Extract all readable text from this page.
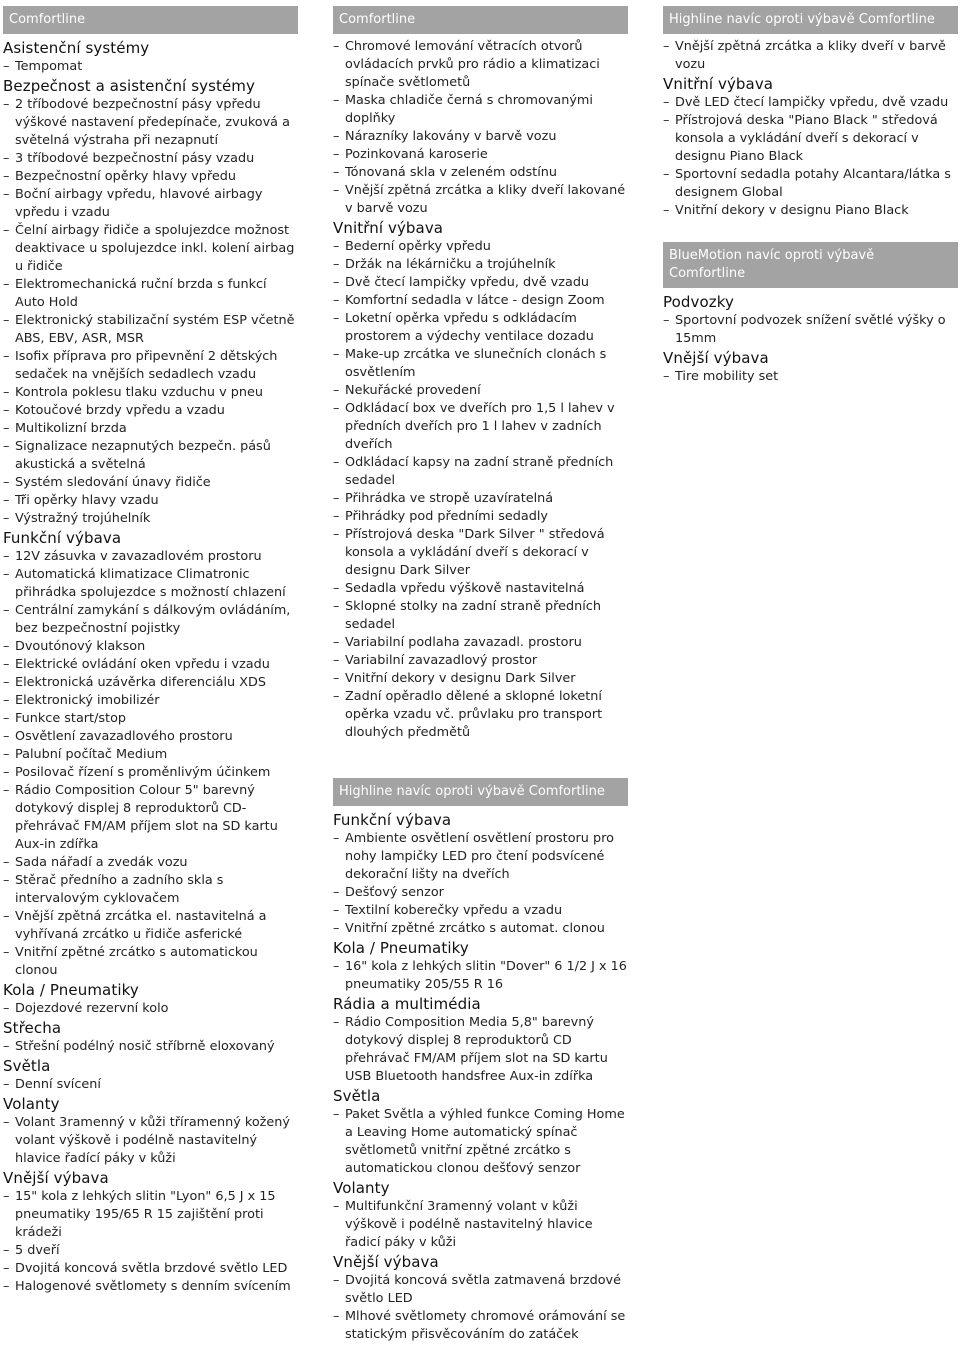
Comfortline
Asistenční systémy
– Tempomat
Bezpečnost a asistenční systémy
– 2 tříbodové bezpečnostní pásy vpředu výškové nastavení předepínače, zvuková a světelná výstraha při nezapnutí
– 3 tříbodové bezpečnostní pásy vzadu
– Bezpečnostní opěrky hlavy vpředu
– Boční airbagy vpředu, hlavové airbagy vpředu i vzadu
– Čelní airbagy řidiče a spolujezdce možnost deaktivace u spolujezdce inkl. kolení airbag u řidiče
– Elektromechanická ruční brzda s funkcí Auto Hold
– Elektronický stabilizační systém ESP včetně ABS, EBV, ASR, MSR
– Isofix příprava pro připevnění 2 dětských sedaček na vnějších sedadlech vzadu
– Kontrola poklesu tlaku vzduchu v pneu
– Kotoučové brzdy vpředu a vzadu
– Multikolizní brzda
– Signalizace nezapnutých bezpečn. pásů akustická a světelná
– Systém sledování únavy řidiče
– Tři opěrky hlavy vzadu
– Výstražný trojúhelník
Funkční výbava
– 12V zásuvka v zavazadlovém prostoru
– Automatická klimatizace Climatronic přihrádka spolujezdce s možností chlazení
– Centrální zamykání s dálkovým ovládáním, bez bezpečnostní pojistky
– Dvoutónový klakson
– Elektrické ovládání oken vpředu i vzadu
– Elektronická uzávěrka diferenciálu XDS
– Elektronický imobilizér
– Funkce start/stop
– Osvětlení zavazadlového prostoru
– Palubní počítač Medium
– Posilovač řízení s proměnlivým účinkem
– Rádio Composition Colour 5" barevný dotykový displej 8 reproduktorů CD-přehrávač FM/AM příjem slot na SD kartu Aux-in zdířka
– Sada nářadí a zvedák vozu
– Stěrač předního a zadního skla s intervalovým cyklovačem
– Vnější zpětná zrcátka el. nastavitelná a vyhřívaná zrcátko u řidiče asferické
– Vnitřní zpětné zrcátko s automatickou clonou
Kola / Pneumatiky
– Dojezdové rezervní kolo
Střecha
– Střešní podélný nosič stříbrně eloxovaný
Světla
– Denní svícení
Volanty
– Volant 3ramenný v kůži tříramenný kožený volant výškově i podélně nastavitelný hlavice řadící páky v kůži
Vnější výbava
– 15" kola z lehkých slitin "Lyon" 6,5 J x 15 pneumatiky 195/65 R 15 zajištění proti krádeži
– 5 dveří
– Dvojitá koncová světla brzdové světlo LED
– Halogenové světlomety s denním svícením
Comfortline
– Chromové lemování větracích otvorů ovládacích prvků pro rádio a klimatizaci spínače světlometů
– Maska chladiče černá s chromovanými doplňky
– Nárazníky lakovány v barvě vozu
– Pozinkovaná karoserie
– Tónovaná skla v zeleném odstínu
– Vnější zpětná zrcátka a kliky dveří lakované v barvě vozu
Vnitřní výbava
– Bederní opěrky vpředu
– Držák na lékárničku a trojúhelník
– Dvě čtecí lampičky vpředu, dvě vzadu
– Komfortní sedadla v látce - design Zoom
– Loketní opěrka vpředu s odkládacím prostorem a výdechy ventilace dozadu
– Make-up zrcátka ve slunečních clonách s osvětlením
– Nekuřácké provedení
– Odkládací box ve dveřích pro 1,5 l lahev v předních dveřích pro 1 l lahev v zadních dveřích
– Odkládací kapsy na zadní straně předních sedadel
– Přihrádka ve stropě uzavíratelná
– Přihrádky pod předními sedadly
– Přístrojová deska "Dark Silver " středová konsola a vykládání dveří s dekorací v designu Dark Silver
– Sedadla vpředu výškově nastavitelná
– Sklopné stolky na zadní straně předních sedadel
– Variabilní podlaha zavazadl. prostoru
– Variabilní zavazadlový prostor
– Vnitřní dekory v designu Dark Silver
– Zadní opěradlo dělené a sklopné loketní opěrka vzadu vč. průvlaku pro transport dlouhých předmětů
Highline navíc oproti výbavě Comfortline
Funkční výbava
– Ambiente osvětlení osvětlení prostoru pro nohy lampičky LED pro čtení podsvícené dekorační lišty na dveřích
– Dešťový senzor
– Textilní koberečky vpředu a vzadu
– Vnitřní zpětné zrcátko s automat. clonou
Kola / Pneumatiky
– 16" kola z lehkých slitin "Dover" 6 1/2 J x 16 pneumatiky 205/55 R 16
Rádia a multimédia
– Rádio Composition Media 5,8" barevný dotykový displej 8 reproduktorů CD přehrávač FM/AM příjem slot na SD kartu USB Bluetooth handsfree Aux-in zdířka
Světla
– Paket Světla a výhled funkce Coming Home a Leaving Home automatický spínač světlometů vnitřní zpětné zrcátko s automatickou clonou dešťový senzor
Volanty
– Multifunkční 3ramenný volant v kůži výškově i podélně nastavitelný hlavice řadicí páky v kůži
Vnější výbava
– Dvojitá koncová světla zatmavená brzdové světlo LED
– Mlhové světlomety chromové orámování se statickým přisvěcováním do zatáček
Highline navíc oproti výbavě Comfortline
– Vnější zpětná zrcátka a kliky dveří v barvě vozu
Vnitřní výbava
– Dvě LED čtecí lampičky vpředu, dvě vzadu
– Přístrojová deska "Piano Black " středová konsola a vykládání dveří s dekorací v designu Piano Black
– Sportovní sedadla potahy Alcantara/látka s designem Global
– Vnitřní dekory v designu Piano Black
BlueMotion navíc oproti výbavě Comfortline
Podvozky
– Sportovní podvozek snížení světlé výšky o 15mm
Vnější výbava
– Tire mobility set
